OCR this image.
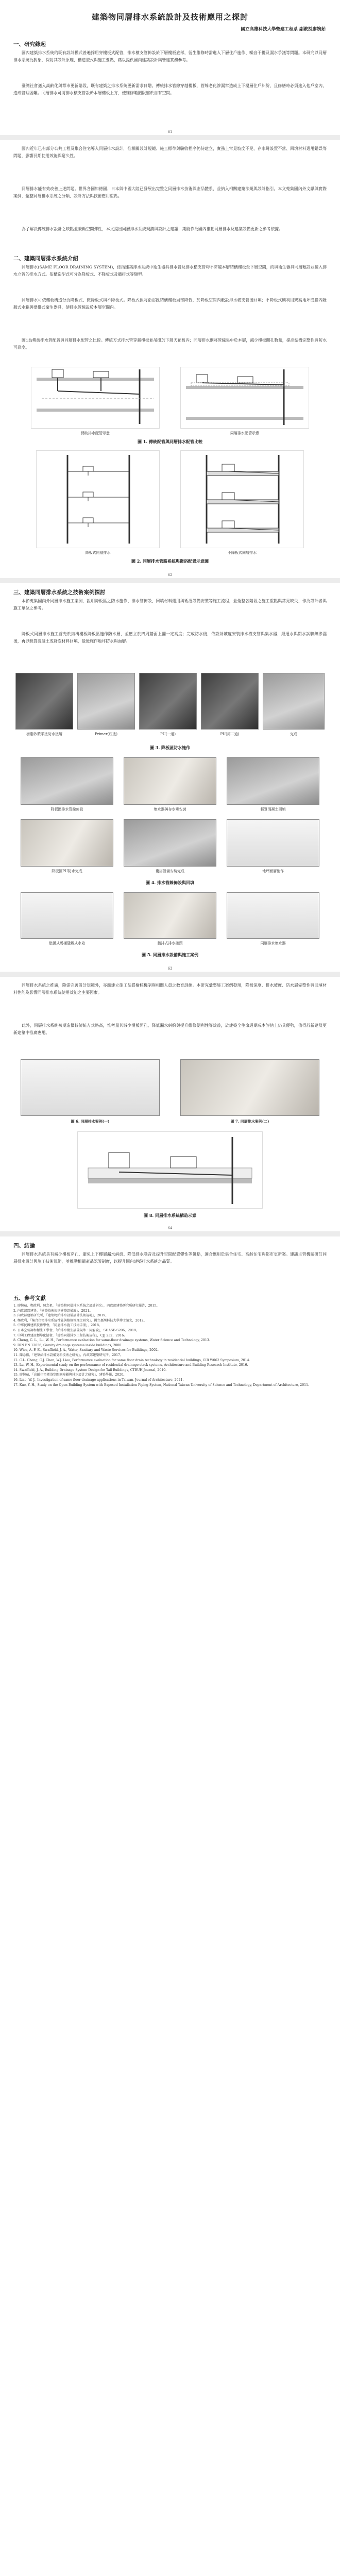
建築物同層排水系統設計及技術應用之探討
國立高雄科技大學營建工程系 副教授廖婉茹
一、研究緣起
國內建築排水系統的既有設計模式普遍採用穿樓板式配管，排水橫支管佈設於下層樓板底部，衍生維修時需進入下層住戶施作、噪音干擾及漏水爭議等問題。本研究以同層排水系統為對象，探討其設計原理、構造型式與施工要點，藉以提供國內建築設計與營建實務參考。
臺灣社會邁入高齡化與都市更新階段，既有建築之排水系統更新需求日增。傳統排水管線穿越樓板，管線老化滲漏常造成上下樓層住戶糾紛，且修繕時必須進入他戶室內，造成管理困難。同層排水可將排水橫支管設於本層樓板上方，使維修範圍限縮於自有空間。
61
國內近年已有部分公共工程及集合住宅導入同層排水設計，惟相關設計規範、施工標準與驗收程序仍待建立，實務上常見坡度不足、存水彎設置不當、回填材料選用錯誤等問題，影響長期使用效能與耐久性。
同層排水能有效改善上述問題。世界各國如德國、日本與中國大陸已發展出完整之同層排水技術與產品體系，並納入相關建築法規與設計指引。本文蒐集國內外文獻與實際案例，彙整同層排水系統之分類、設計方法與技術應用重點。
為了解決傳統排水設計之缺點並兼顧空間彈性，本文提出同層排水系統規劃與設計之建議，期能作為國內推動同層排水及建築設備更新之參考依據。
二、建築同層排水系統介紹
同層排水(SAME FLOOR DRAINING SYSTEM)，係指建築排水系統中衛生器具排水管及排水橫支管均不穿越本層結構樓板至下層空間，而與衛生器具同層敷設並接入排水立管的排水方式。依構造型式可分為降板式、不降板式及牆排式等類型。
同層排水可依樓板構造分為降板式、微降板式與不降板式。降板式係將衛浴區結構樓板局部降低，於降板空間內敷設排水橫支管後回填；不降板式則利用架高地坪或牆內隱蔽式水箱與壁掛式衛生器具，使排水管線設於本層空間內。
圖1為傳統排水管配管與同層排水配管之比較。傳統方式排水管穿越樓板並吊掛於下層天花板內；同層排水則將管線集中於本層，減少樓板開孔數量，提高結構完整性與防水可靠度。
傳統排水配管示意	同層排水配管示意
圖 1. 傳統配管與同層排水配管比較
降板式同層排水	不降板式同層排水
圖 2. 同層排水管路系統與衛浴配置示意圖
62
三、建築同層排水系統之技術案例探討
本節蒐集國內外同層排水施工案例，說明降板區之防水施作、排水管佈設、回填材料選用與衛浴設備安裝等施工流程，並彙整各階段之施工重點與常見缺失，作為設計者與施工單位之參考。
降板式同層排水施工首先於結構樓板降板區施作防水層，並應立於四周牆面上翻一定高度；完成防水後，依設計坡度安裝排水橫支管與集水器，經通水與閉水試驗無滲漏後，再以輕質混凝土或發泡材料回填，最後施作地坪防水與面層。
樹脂砂漿平塗防水塗層	Primer(底塗)	PU(一道)	PU(第二道)	完成
圖 3. 降板區防水施作
降板區排水管線佈設	集水器與存水彎安裝	輕質混凝土回填
降板區PU防水完成	衛浴設備安裝完成	地坪面層施作
圖 4. 排水管線佈設與回填
壁掛式馬桶隱藏式水箱	牆排式排水接頭	同層排水集水器
圖 5. 同層排水設備與施工案例
63
同層排水系統之推廣，除需完善設計規範外，亦應建立施工品質檢核機制與相關人員之教育訓練。本研究彙整施工案例發現，降板深度、排水坡度、防水層完整性與回填材料性能為影響同層排水系統使用效能之主要因素。
此外，同層排水系統初期造價較傳統方式略高，惟考量其減少樓板開孔、降低漏水糾紛與提升維修便利性等效益，於建築全生命週期成本評估上仍具優勢，值得於新建及更新建築中推廣應用。
圖 6. 同層排水案例(一)	圖 7. 同層排水案例(二)
圖 8. 同層排水系統構造示意
64
四、結論
同層排水系統具有減少樓板穿孔、避免上下樓層漏水糾紛、降低排水噪音及提升空間配置彈性等優點，適合應用於集合住宅、高齡住宅與都市更新案。建議主管機關研訂同層排水設計與施工技術規範，並推動相關產品認證制度，以提升國內建築排水系統之品質。
五、參考文獻
1. 廖婉茹、鄭政利、陳念祖，「建築物同層排水系統之設計研究」，內政部建築研究所研究報告，2015。
2. 內政部營建署，「建築技術規則建築設備編」，2021。
3. 內政部建築研究所，「建築物給排水設備設計技術規範」，2019。
4. 鄭政利，「集合住宅排水系統性能與維修管理之研究」，國立臺灣科技大學博士論文，2012。
5. 中華民國建築技術學會，「同層排水施工技術手冊」，2018。
6. 日本空氣調和衛生工學會，「給排水衛生設備規準・同解說」，SHASE-S206，2019。
7. 中國工程建設標準化協會，「建築同層排水工程技術規程」，CJJ 232，2016。
8. Cheng, C. L., Lu, W. H., Performance evaluation for same-floor drainage systems, Water Science and Technology, 2013.
9. DIN EN 12056, Gravity drainage systems inside buildings, 2000.
10. Wise, A. F. E., Swaffield, J. A., Water, Sanitary and Waste Services for Buildings, 2002.
11. 陳念祖，「建築給排水設備更新技術之研究」，內政部建築研究所，2017。
12. C.L. Cheng, C.J. Chen, W.J. Liao, Performance evaluation for same floor drain technology in residential buildings, CIB W062 Symposium, 2014.
13. Lu, W. H., Experimental study on the performance of residential drainage stack systems, Architecture and Building Research Institute, 2016.
14. Swaffield, J. A., Building Drainage System Design for Tall Buildings, CTBUH Journal, 2010.
15. 廖婉茹，「高齡住宅衛浴空間無障礙與排水設計之研究」，建築學報，2020。
16. Liao, W. J., Investigation of same-floor drainage applications in Taiwan, Journal of Architecture, 2021.
17. Kuo, Y. H., Study on the Open Building System with Exposed Installation Piping System, National Taiwan University of Science and Technology, Department of Architecture, 2011.
